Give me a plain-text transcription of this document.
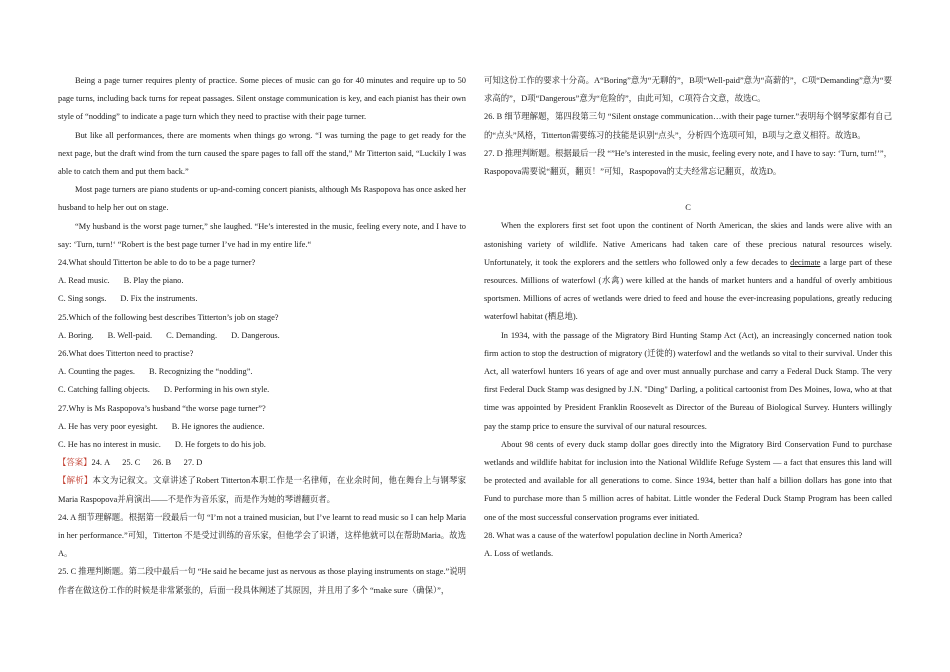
Being a page turner requires plenty of practice. Some pieces of music can go for 40 minutes and require up to 50 page turns, including back turns for repeat passages. Silent onstage communication is key, and each pianist has their own style of “nodding” to indicate a page turn which they need to practise with their page turner.

But like all performances, there are moments when things go wrong. “I was turning the page to get ready for the next page, but the draft wind from the turn caused the spare pages to fall off the stand,” Mr Titterton said, “Luckily I was able to catch them and put them back.”

Most page turners are piano students or up-and-coming concert pianists, although Ms Raspopova has once asked her husband to help her out on stage.

“My husband is the worst page turner,” she laughed. “He’s interested in the music, feeling every note, and I have to say: ‘Turn, turn!‘ “Robert is the best page turner I’ve had in my entire life.“

24.What should Titterton be able to do to be a page turner?

A. Read music. B. Play the piano.

C. Sing songs. D. Fix the instruments.

25.Which of the following best describes Titterton’s job on stage?

A. Boring. B. Well-paid. C. Demanding. D. Dangerous.

26.What does Titterton need to practise?

A. Counting the pages. B. Recognizing the “nodding”.

C. Catching falling objects. D. Performing in his own style.

27.Why is Ms Raspopova’s husband “the worse page turner”?

A. He has very poor eyesight. B. He ignores the audience.

C. He has no interest in music. D. He forgets to do his job.

【答案】24. A      25. C      26. B      27. D

【解析】本文为记叙文。文章讲述了Robert Titterton本职工作是一名律师，在业余时间，他在舞台上与钢琴家Maria Raspopova并肩演出——不是作为音乐家，而是作为她的琴谱翻页者。

24. A 细节理解题。根据第一段最后一句 “I’m not a trained musician, but I’ve learnt to read music so I can help Maria in her performance.”可知，Titterton 不是受过训练的音乐家，但他学会了识谱，这样他就可以在帮助Maria。故选A。

25. C 推理判断题。第二段中最后一句 “He said he became just as nervous as those playing instruments on stage.”说明作者在做这份工作的时候是非常紧张的，后面一段具体阐述了其原因，并且用了多个 “make sure（确保）”，

可知这份工作的要求十分高。A“Boring”意为“无聊的”，B项“Well-paid”意为“高薪的”，C项“Demanding”意为“要求高的”，D项“Dangerous”意为“危险的”，由此可知，C项符合文意，故选C。

26. B 细节理解题，第四段第三句 “Silent onstage communication…with their page turner.”表明每个钢琴家都有自己的“点头”风格，Titterton需要练习的技能是识别“点头”，分析四个选项可知，B项与之意义相符。故选B。

27. D 推理判断题。根据最后一段 “”He’s interested in the music, feeling every note, and I have to say: ‘Turn, turn!’”，Raspopova需要说“翻页，翻页！”可知，Raspopova的丈夫经常忘记翻页，故选D。

C

When the explorers first set foot upon the continent of North American, the skies and lands were alive with an astonishing variety of wildlife. Native Americans had taken care of these precious natural resources wisely. Unfortunately, it took the explorers and the settlers who followed only a few decades to decimate a large part of these resources. Millions of waterfowl (水禽) were killed at the hands of market hunters and a handful of overly ambitious sportsmen. Millions of acres of wetlands were dried to feed and house the ever-increasing populations, greatly reducing waterfowl habitat (栖息地).

In 1934, with the passage of the Migratory Bird Hunting Stamp Act (Act), an increasingly concerned nation took firm action to stop the destruction of migratory (迁徙的) waterfowl and the wetlands so vital to their survival. Under this Act, all waterfowl hunters 16 years of age and over must annually purchase and carry a Federal Duck Stamp. The very first Federal Duck Stamp was designed by J.N. "Ding" Darling, a political cartoonist from Des Moines, Iowa, who at that time was appointed by President Franklin Roosevelt as Director of the Bureau of Biological Survey. Hunters willingly pay the stamp price to ensure the survival of our natural resources.

About 98 cents of every duck stamp dollar goes directly into the Migratory Bird Conservation Fund to purchase wetlands and wildlife habitat for inclusion into the National Wildlife Refuge System — a fact that ensures this land will be protected and available for all generations to come. Since 1934, better than half a billion dollars has gone into that Fund to purchase more than 5 million acres of habitat. Little wonder the Federal Duck Stamp Program has been called one of the most successful conservation programs ever initiated.

28. What was a cause of the waterfowl population decline in North America?

A. Loss of wetlands.
